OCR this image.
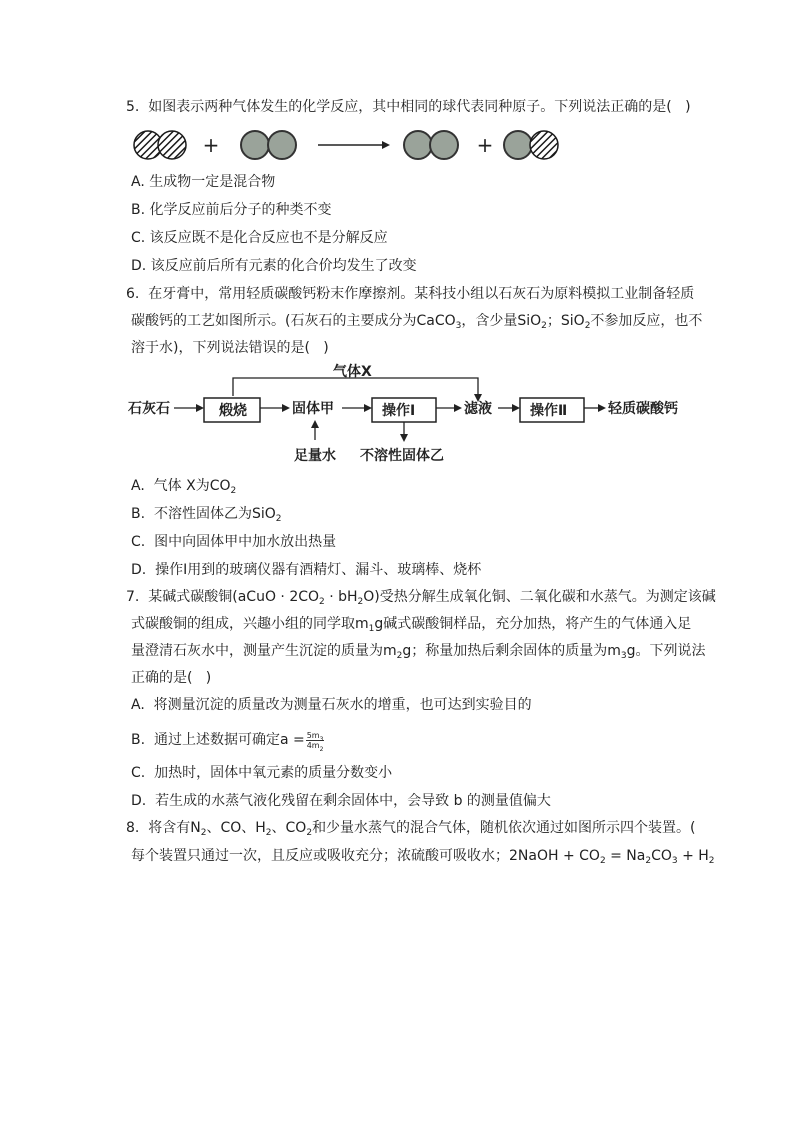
5.  如图表示两种气体发生的化学反应，其中相同的球代表同种原子。下列说法正确的是(   )
+	+
A. 生成物一定是混合物
B. 化学反应前后分子的种类不变
C. 该反应既不是化合反应也不是分解反应
D. 该反应前后所有元素的化合价均发生了改变
6.  在牙膏中，常用轻质碳酸钙粉末作摩擦剂。某科技小组以石灰石为原料模拟工业制备轻质
碳酸钙的工艺如图所示。(石灰石的主要成分为CaCO$_3$，含少量SiO$_2$；SiO$_2$不参加反应，也不
溶于水)，下列说法错误的是(   )
气体X
石灰石	煅烧	固体甲	操作Ⅰ	滤液	操作Ⅱ	轻质碳酸钙
足量水 不溶性固体乙
A.  气体 X为$CO_2$
B.  不溶性固体乙为SiO$_2$
C.  图中向固体甲中加水放出热量
D.  操作Ⅰ用到的玻璃仪器有酒精灯、漏斗、玻璃棒、烧杯
7.  某碱式碳酸铜(aCuO · $2CO_2 \cdot bH_2O$)受热分解生成氧化铜、二氧化碳和水蒸气。为测定该碱
式碳酸铜的组成，兴趣小组的同学取$m_1g$碱式碳酸铜样品，充分加热，将产生的气体通入足
量澄清石灰水中，测量产生沉淀的质量为$m_2g$；称量加热后剩余固体的质量为$m_3g$。下列说法
正确的是(   )
A.  将测量沉淀的质量改为测量石灰水的增重，也可达到实验目的
B.  通过上述数据可确定$a = \frac{5m_3}{4m_2}$
C.  加热时，固体中氧元素的质量分数变小
D.  若生成的水蒸气液化残留在剩余固体中，会导致 b 的测量值偏大
8.  将含有$N_2$、CO、$H_2$、$CO_2$和少量水蒸气的混合气体，随机依次通过如图所示四个装置。(
每个装置只通过一次，且反应或吸收充分；浓硫酸可吸收水；2NaOH + $CO_2 = Na_2CO_3 + H_2$
